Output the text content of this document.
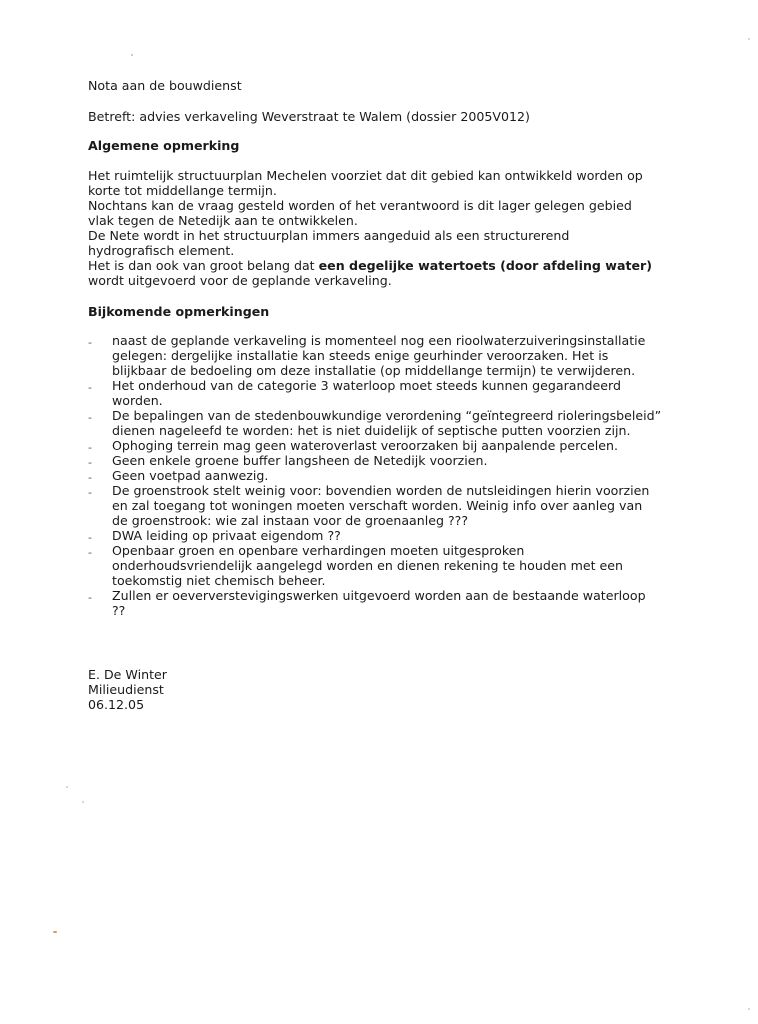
Nota aan de bouwdienst
Betreft: advies verkaveling Weverstraat te Walem (dossier 2005V012)
Algemene opmerking
Het ruimtelijk structuurplan Mechelen voorziet dat dit gebied kan ontwikkeld worden op
korte tot middellange termijn.
Nochtans kan de vraag gesteld worden of het verantwoord is dit lager gelegen gebied
vlak tegen de Netedijk aan te ontwikkelen.
De Nete wordt in het structuurplan immers aangeduid als een structurerend
hydrografisch element.
Het is dan ook van groot belang dat een degelijke watertoets (door afdeling water)
wordt uitgevoerd voor de geplande verkaveling.
Bijkomende opmerkingen
- naast de geplande verkaveling is momenteel nog een rioolwaterzuiveringsinstallatie
gelegen: dergelijke installatie kan steeds enige geurhinder veroorzaken. Het is
blijkbaar de bedoeling om deze installatie (op middellange termijn) te verwijderen.
- Het onderhoud van de categorie 3 waterloop moet steeds kunnen gegarandeerd
worden.
- De bepalingen van de stedenbouwkundige verordening “geïntegreerd rioleringsbeleid”
dienen nageleefd te worden: het is niet duidelijk of septische putten voorzien zijn.
- Ophoging terrein mag geen wateroverlast veroorzaken bij aanpalende percelen.
- Geen enkele groene buffer langsheen de Netedijk voorzien.
- Geen voetpad aanwezig.
- De groenstrook stelt weinig voor: bovendien worden de nutsleidingen hierin voorzien
en zal toegang tot woningen moeten verschaft worden. Weinig info over aanleg van
de groenstrook: wie zal instaan voor de groenaanleg ???
- DWA leiding op privaat eigendom ??
- Openbaar groen en openbare verhardingen moeten uitgesproken
onderhoudsvriendelijk aangelegd worden en dienen rekening te houden met een
toekomstig niet chemisch beheer.
- Zullen er oeververstevigingswerken uitgevoerd worden aan de bestaande waterloop
??
E. De Winter
Milieudienst
06.12.05
